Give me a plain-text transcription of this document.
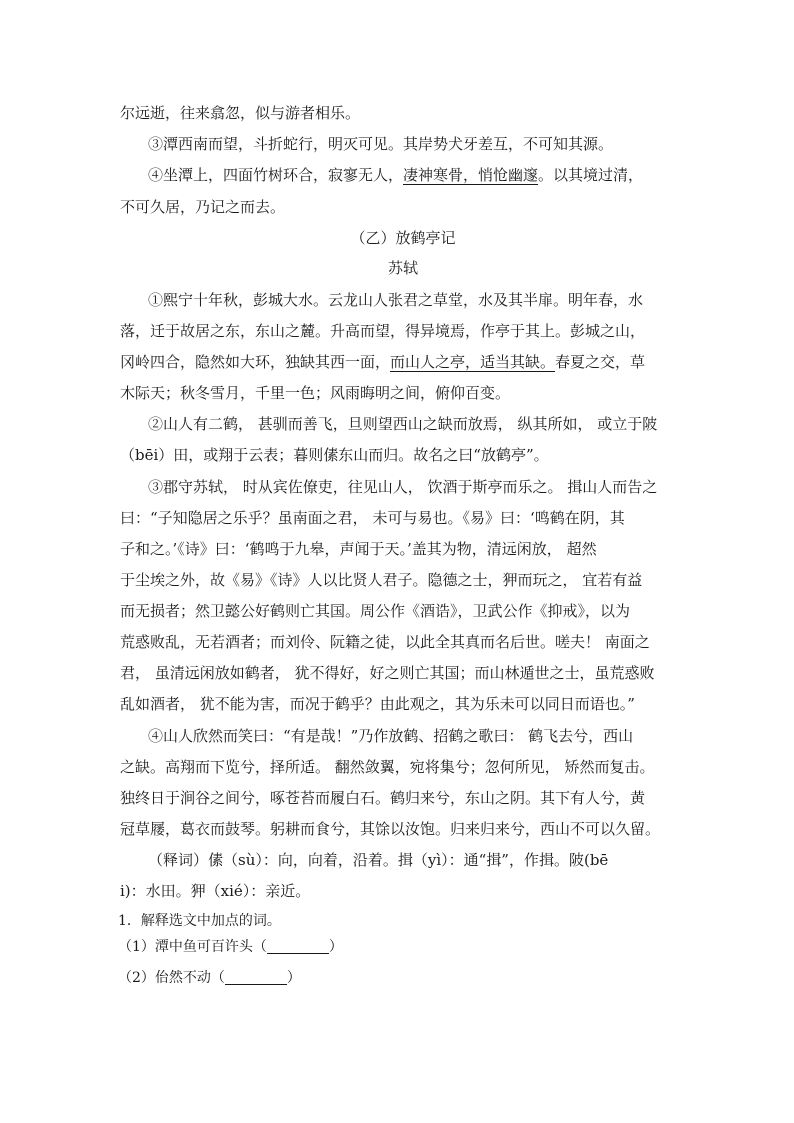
尔远逝，往来翕忽，似与游者相乐。
③潭西南而望，斗折蛇行，明灭可见。其岸势犬牙差互，不可知其源。
④坐潭上，四面竹树环合，寂寥无人，凄神寒骨，悄怆幽邃。以其境过清，
不可久居，乃记之而去。
（乙）放鹤亭记
苏轼
①熙宁十年秋，彭城大水。云龙山人张君之草堂，水及其半扉。明年春，水
落，迁于故居之东，东山之麓。升高而望，得异境焉，作亭于其上。彭城之山，
冈岭四合，隐然如大环，独缺其西一面，而山人之亭，适当其缺。春夏之交，草
木际天；秋冬雪月，千里一色；风雨晦明之间，俯仰百变。
②山人有二鹤， 甚驯而善飞，旦则望西山之缺而放焉， 纵其所如， 或立于陂
（bēi）田，或翔于云表；暮则傃东山而归。故名之曰“放鹤亭”。
③郡守苏轼， 时从宾佐僚吏，往见山人， 饮酒于斯亭而乐之。 揖山人而告之
曰：“子知隐居之乐乎？虽南面之君， 未可与易也。《易》曰：‘鸣鹤在阴，其
子和之。’《诗》曰：‘鹤鸣于九皋，声闻于天。’盖其为物，清远闲放， 超然
于尘埃之外，故《易》《诗》人以比贤人君子。隐德之士，狎而玩之， 宜若有益
而无损者；然卫懿公好鹤则亡其国。周公作《酒诰》，卫武公作《抑戒》，以为
荒惑败乱，无若酒者；而刘伶、阮籍之徒，以此全其真而名后世。嗟夫！ 南面之
君， 虽清远闲放如鹤者， 犹不得好，好之则亡其国；而山林遁世之士，虽荒惑败
乱如酒者， 犹不能为害，而况于鹤乎？由此观之，其为乐未可以同日而语也。”
④山人欣然而笑曰：“有是哉！”乃作放鹤、招鹤之歌曰： 鹤飞去兮，西山
之缺。高翔而下览兮，择所适。 翻然敛翼，宛将集兮；忽何所见， 矫然而复击。
独终日于涧谷之间兮，啄苍苔而履白石。鹤归来兮，东山之阴。其下有人兮，黄
冠草屦，葛衣而鼓琴。躬耕而食兮，其馀以汝饱。归来归来兮，西山不可以久留。
（释词）傃（sù）：向，向着，沿着。揖（yì）：通“揖”，作揖。陂(bē
i)：水田。狎（xié）：亲近。
1．解释选文中加点的词。
（1）潭中鱼可百许头（	）
（2）佁然不动（	）
